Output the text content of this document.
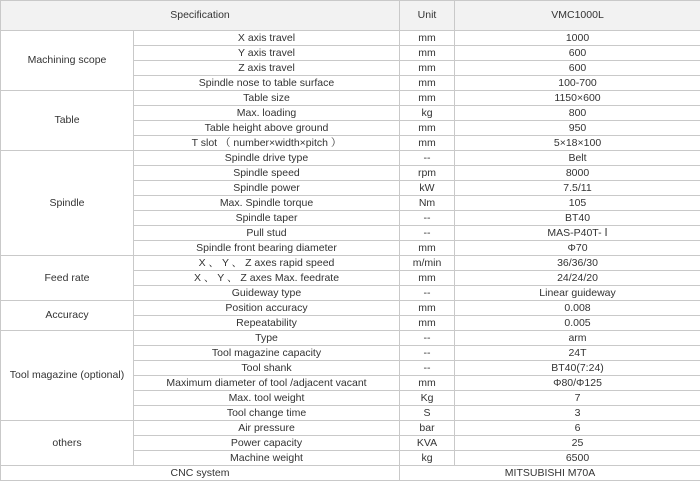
Specification		Unit	VMC1000L
Machining scope	X axis travel	mm	1000
	Y axis travel	mm	600
	Z axis travel	mm	600
	Spindle nose to table surface	mm	100-700
Table	Table size	mm	1150×600
	Max. loading	kg	800
	Table height above ground	mm	950
	T slot （ number×width×pitch ）	mm	5×18×100
Spindle	Spindle drive type	--	Belt
	Spindle speed	rpm	8000
	Spindle power	kW	7.5/11
	Max. Spindle torque	Nm	105
	Spindle taper	--	BT40
	Pull stud	--	MAS-P40T- Ⅰ
	Spindle front bearing diameter	mm	Φ70
Feed rate	X 、 Y 、 Z axes rapid speed	m/min	36/36/30
	X 、 Y 、 Z axes Max. feedrate	mm	24/24/20
	Guideway type	--	Linear guideway
Accuracy	Position accuracy	mm	0.008
	Repeatability	mm	0.005
Tool magazine (optional)	Type	--	arm
	Tool magazine capacity	--	24T
	Tool shank	--	BT40(7:24)
	Maximum diameter of tool /adjacent vacant	mm	Φ80/Φ125
	Max. tool weight	Kg	7
	Tool change time	S	3
others	Air pressure	bar	6
	Power capacity	KVA	25
	Machine weight	kg	6500
CNC system		MITSUBISHI M70A	
